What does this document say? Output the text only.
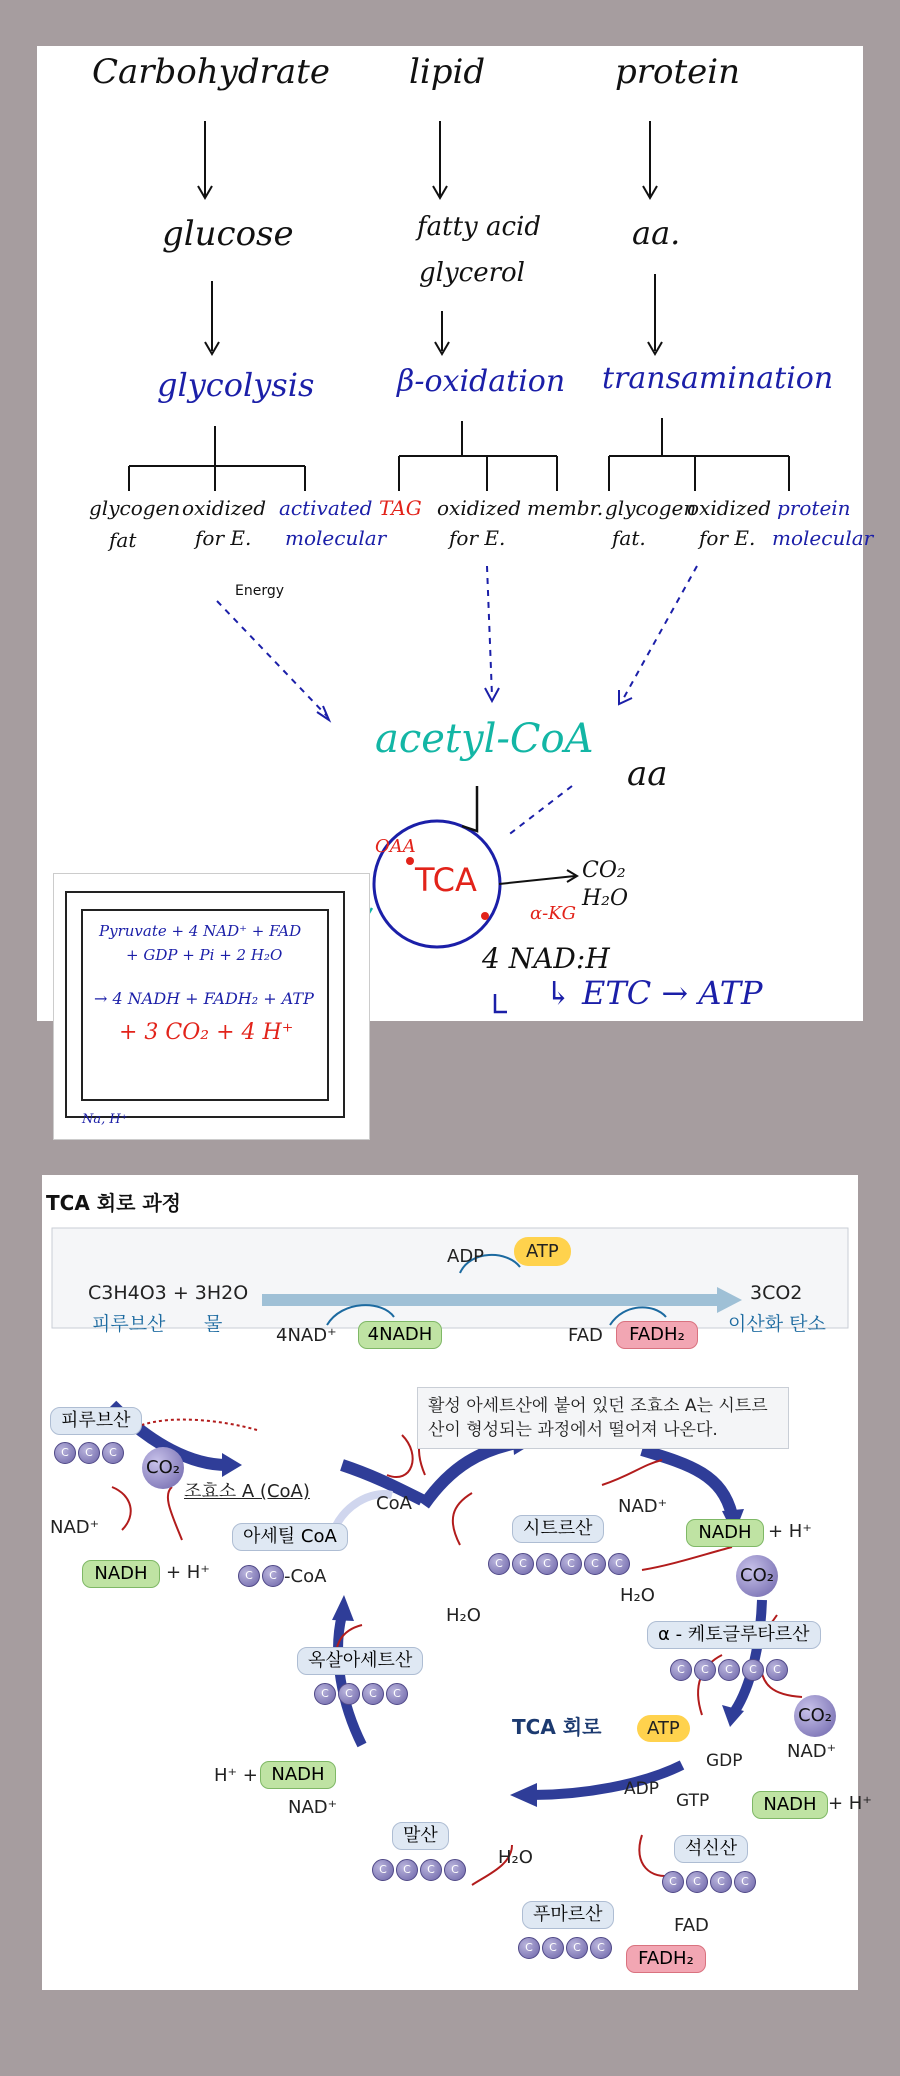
Carbohydrate lipid	protein
glucose	fatty acid
glycerol
aa.
glycolysis	β-oxidation transamination
glycogen
fat
oxidized
for E.
Energy
activated
molecular
TAG oxidized
for E.
membr. glycogen
fat.
oxidized
for E.
protein
molecular
acetyl-CoA
aa
OAA
TCA
α-KG
CO₂
H₂O
4 NAD:H
↳ ETC → ATP
Pyruvate + 4 NAD⁺ + FAD
+ GDP + Pi + 2 H₂O
→ 4 NADH + FADH₂ + ATP
+ 3 CO₂ + 4 H⁺
Na, H⁺
TCA 회로 과정
C3H4O3 + 3H2O
피루브산 물
3CO2
이산화 탄소
ADP	ATP
4NAD⁺	4NADH	FAD	FADH₂
활성 아세트산에 붙어 있던 조효소 A는 시트르산이 형성되는 과정에서 떨어져 나온다.
피루브산
C	C	C
CO₂
조효소 A (CoA)
NAD⁺
NADH	+ H⁺
아세틸 CoA
C	C -CoA
CoA
H₂O
시트르산
C	C	C	C	C	C
NAD⁺
NADH + H⁺
CO₂
H₂O
α - 케토글루타르산
C	C	C	C	C
옥살아세트산
C	C	C	C
TCA 회로	CO₂
ATP
NAD⁺
GDP
ADP
GTP	NADH + H⁺
석신산
C	C	C	C
푸마르산
C	C	C	C
FAD
FADH₂
H₂O
말산
C	C	C	C
H⁺ + NADH
NAD⁺
